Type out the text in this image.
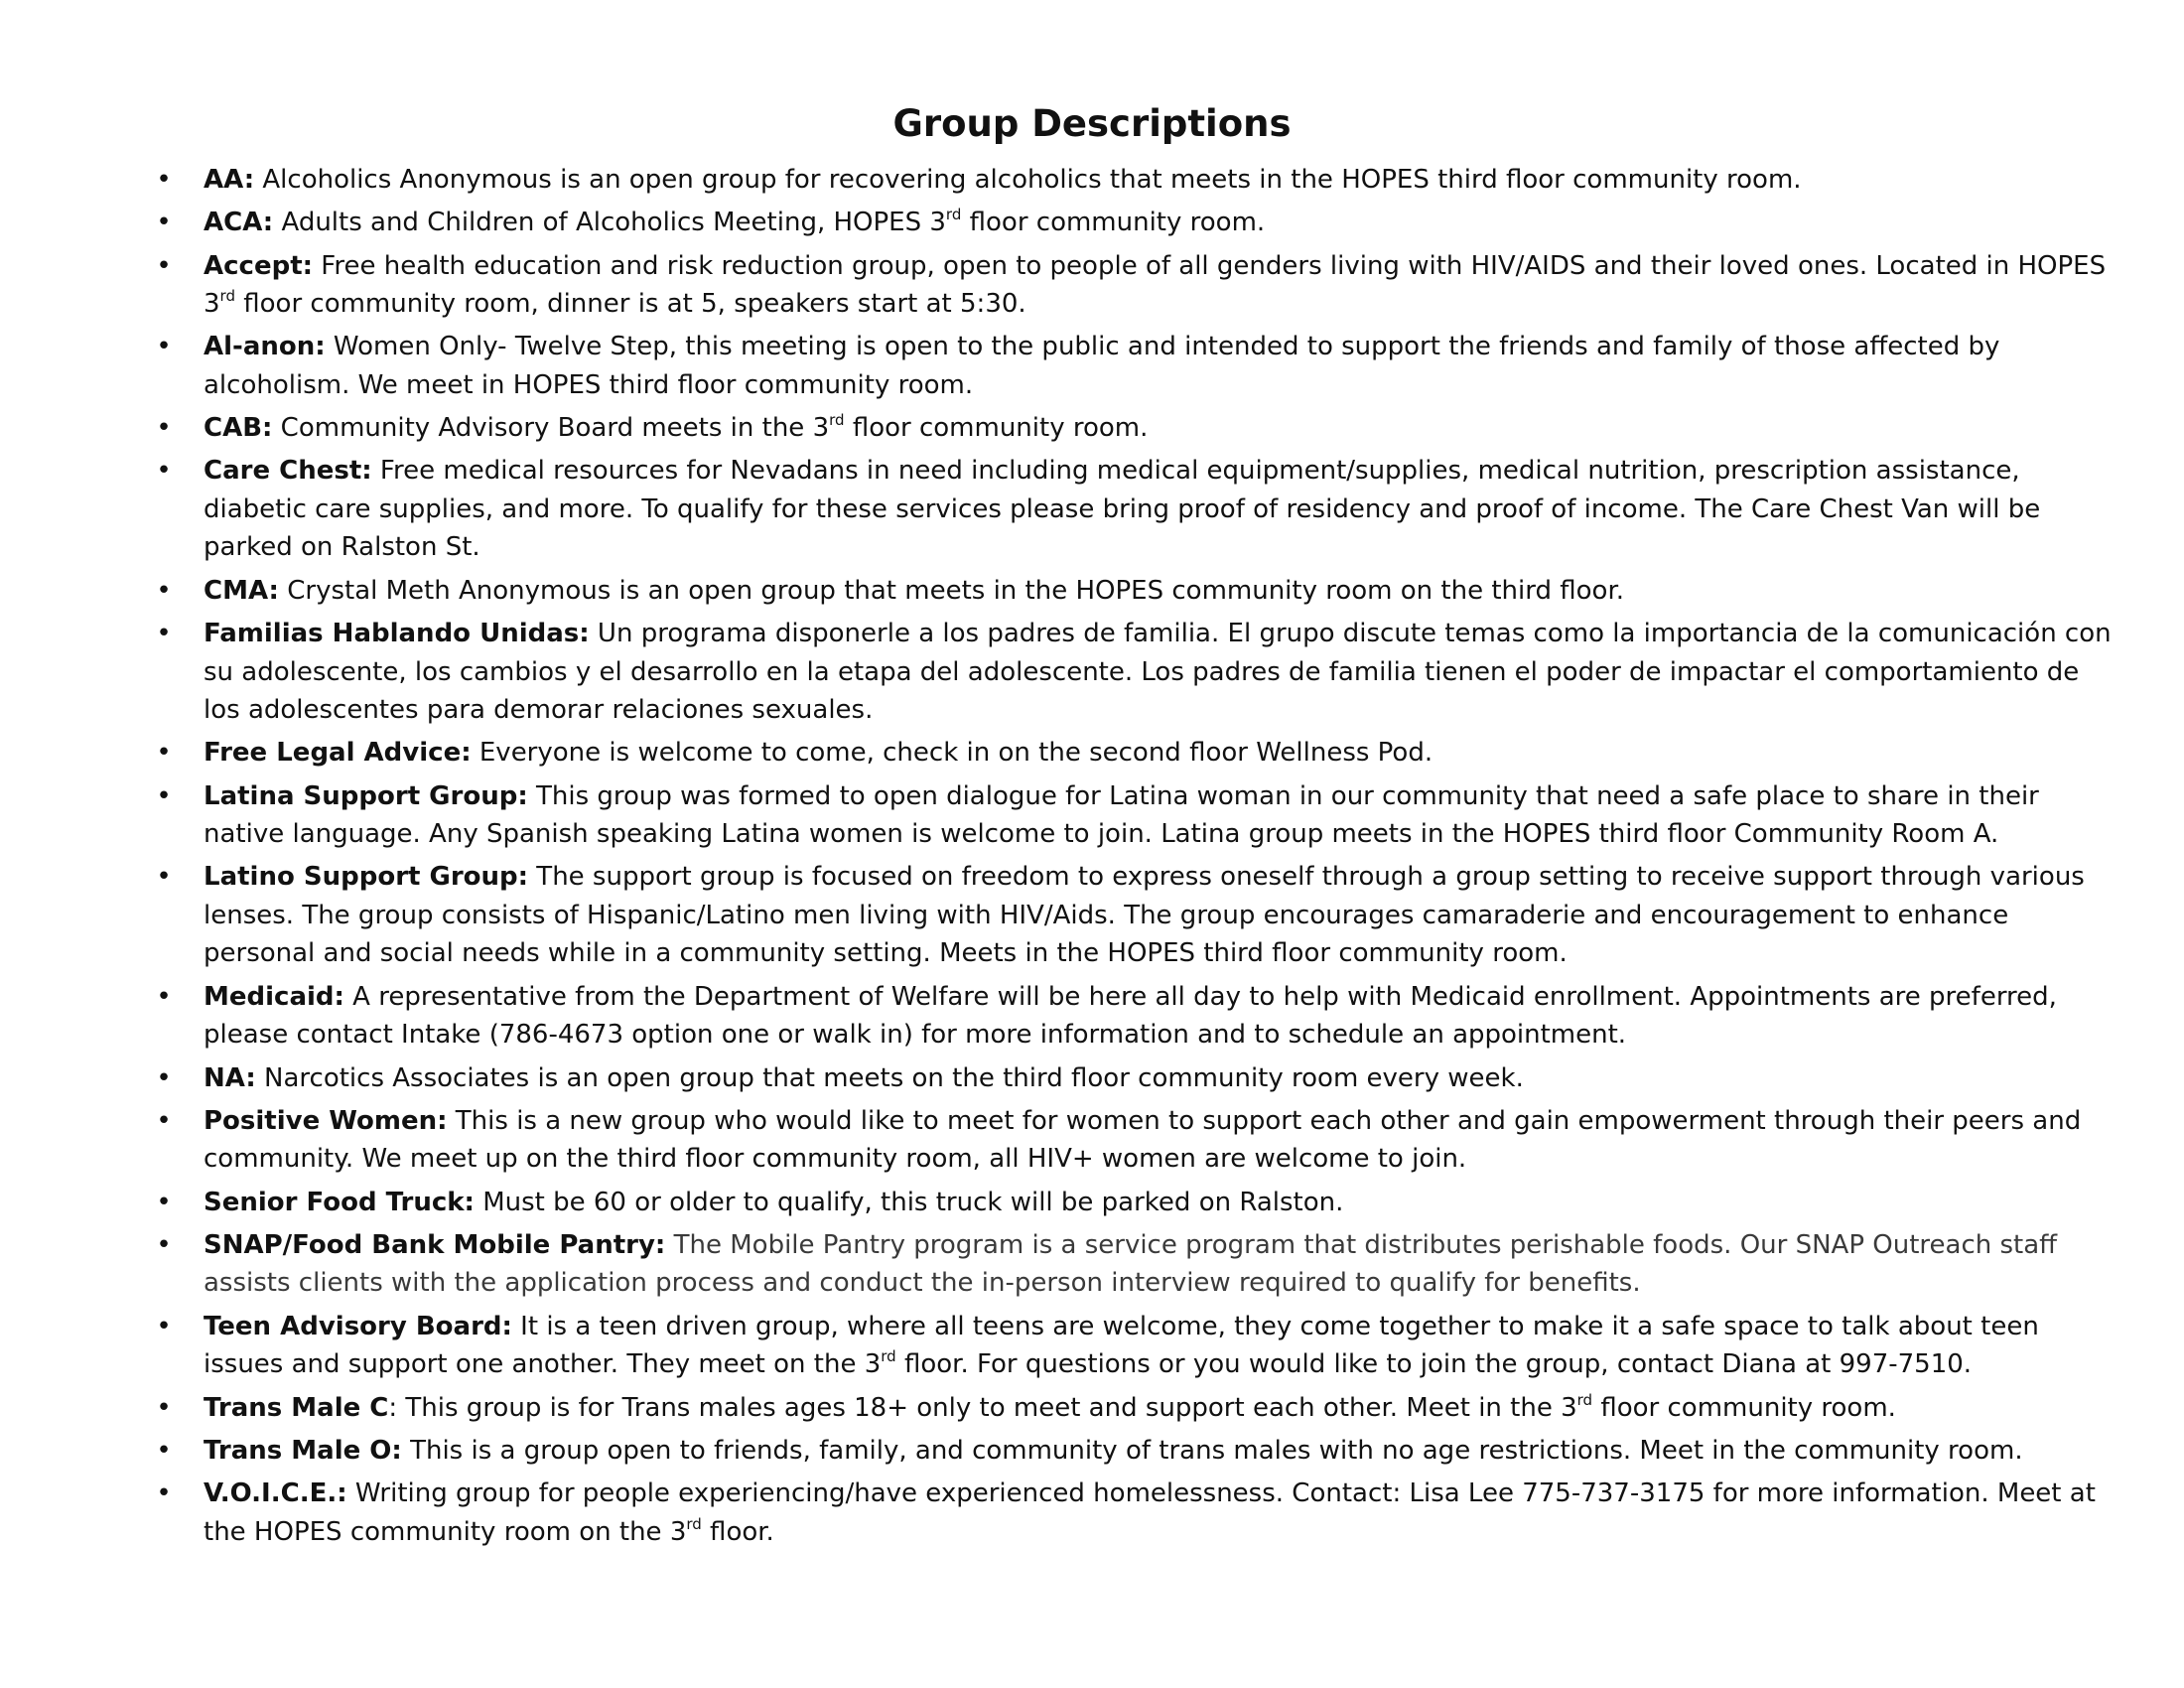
Group Descriptions
• AA: Alcoholics Anonymous is an open group for recovering alcoholics that meets in the HOPES third floor community room.
• ACA: Adults and Children of Alcoholics Meeting, HOPES 3rd floor community room.
• Accept: Free health education and risk reduction group, open to people of all genders living with HIV/AIDS and their loved ones. Located in HOPES 3rd floor community room, dinner is at 5, speakers start at 5:30.
• Al-anon: Women Only- Twelve Step, this meeting is open to the public and intended to support the friends and family of those affected by alcoholism. We meet in HOPES third floor community room.
• CAB: Community Advisory Board meets in the 3rd floor community room.
• Care Chest: Free medical resources for Nevadans in need including medical equipment/supplies, medical nutrition, prescription assistance, diabetic care supplies, and more. To qualify for these services please bring proof of residency and proof of income. The Care Chest Van will be parked on Ralston St.
• CMA: Crystal Meth Anonymous is an open group that meets in the HOPES community room on the third floor.
• Familias Hablando Unidas: Un programa disponerle a los padres de familia. El grupo discute temas como la importancia de la comunicación con su adolescente, los cambios y el desarrollo en la etapa del adolescente. Los padres de familia tienen el poder de impactar el comportamiento de los adolescentes para demorar relaciones sexuales.
• Free Legal Advice: Everyone is welcome to come, check in on the second floor Wellness Pod.
• Latina Support Group: This group was formed to open dialogue for Latina woman in our community that need a safe place to share in their native language. Any Spanish speaking Latina women is welcome to join. Latina group meets in the HOPES third floor Community Room A.
• Latino Support Group: The support group is focused on freedom to express oneself through a group setting to receive support through various lenses. The group consists of Hispanic/Latino men living with HIV/Aids. The group encourages camaraderie and encouragement to enhance personal and social needs while in a community setting. Meets in the HOPES third floor community room.
• Medicaid: A representative from the Department of Welfare will be here all day to help with Medicaid enrollment. Appointments are preferred, please contact Intake (786-4673 option one or walk in) for more information and to schedule an appointment.
• NA: Narcotics Associates is an open group that meets on the third floor community room every week.
• Positive Women: This is a new group who would like to meet for women to support each other and gain empowerment through their peers and community. We meet up on the third floor community room, all HIV+ women are welcome to join.
• Senior Food Truck: Must be 60 or older to qualify, this truck will be parked on Ralston.
• SNAP/Food Bank Mobile Pantry: The Mobile Pantry program is a service program that distributes perishable foods. Our SNAP Outreach staff assists clients with the application process and conduct the in-person interview required to qualify for benefits.
• Teen Advisory Board: It is a teen driven group, where all teens are welcome, they come together to make it a safe space to talk about teen issues and support one another. They meet on the 3rd floor. For questions or you would like to join the group, contact Diana at 997-7510.
• Trans Male C: This group is for Trans males ages 18+ only to meet and support each other. Meet in the 3rd floor community room.
• Trans Male O: This is a group open to friends, family, and community of trans males with no age restrictions. Meet in the community room.
• V.O.I.C.E.: Writing group for people experiencing/have experienced homelessness. Contact: Lisa Lee 775-737-3175 for more information. Meet at the HOPES community room on the 3rd floor.
